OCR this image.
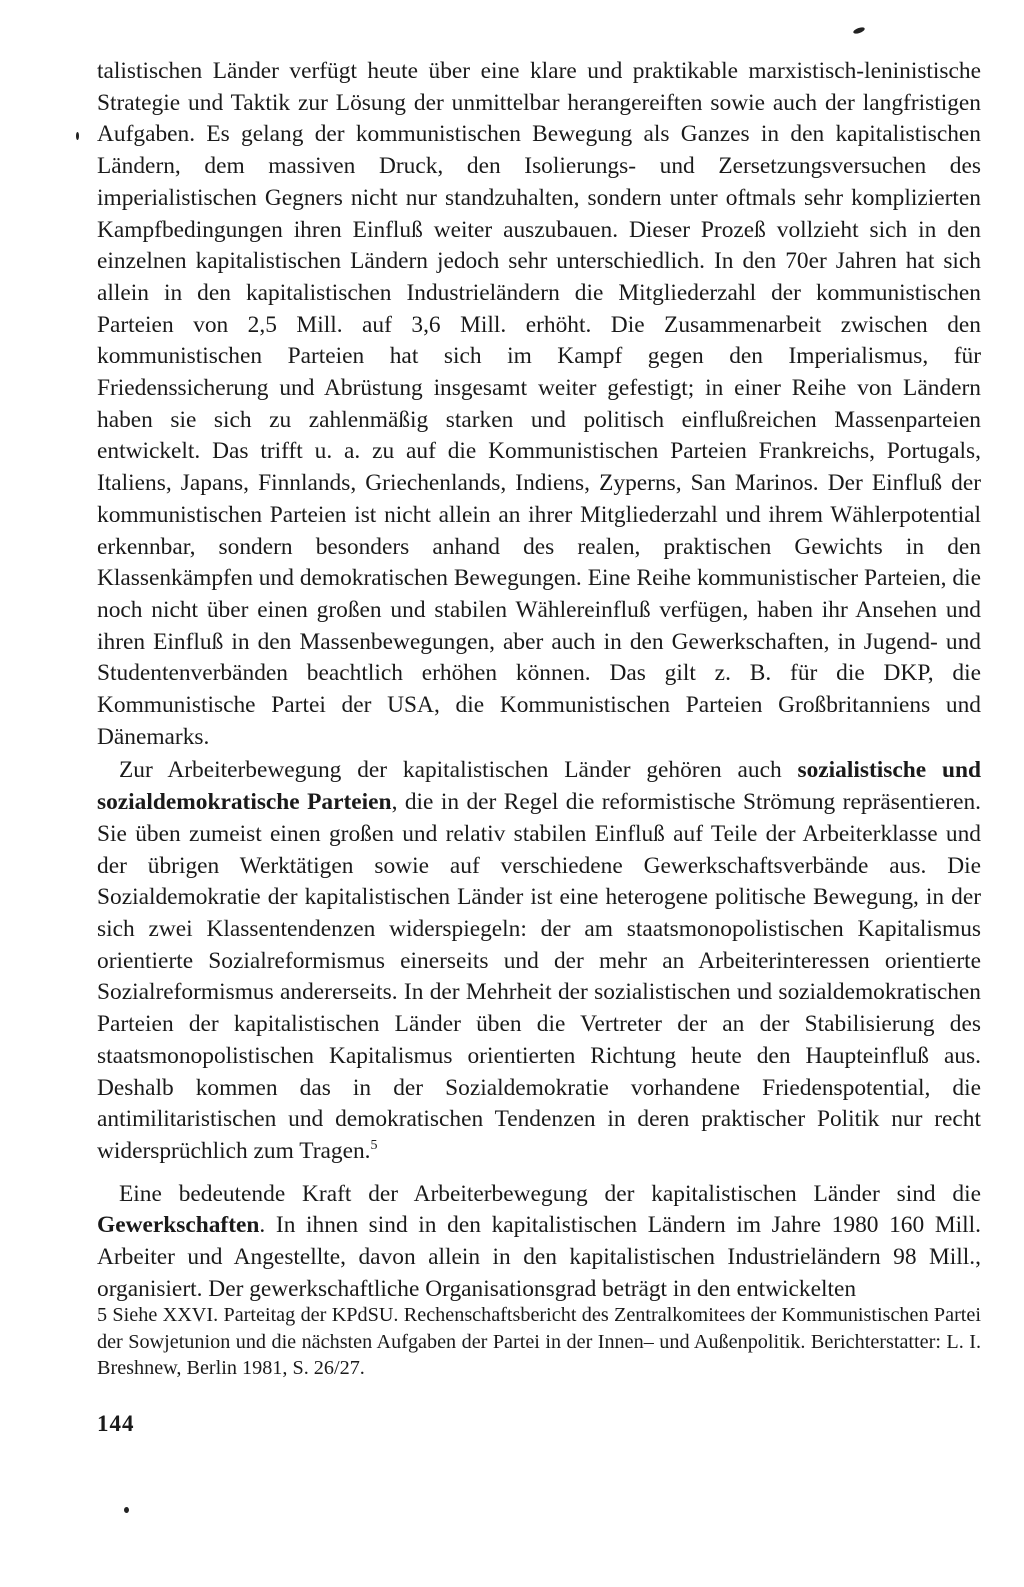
talistischen Länder verfügt heute über eine klare und praktikable marxistisch-leninistische Strategie und Taktik zur Lösung der unmittelbar herangereiften sowie auch der langfristigen Aufgaben. Es gelang der kommunistischen Bewegung als Ganzes in den kapitalistischen Ländern, dem massiven Druck, den Isolierungs- und Zersetzungsversuchen des imperialistischen Gegners nicht nur standzuhalten, sondern unter oftmals sehr komplizierten Kampfbedingungen ihren Einfluß weiter auszubauen. Dieser Prozeß vollzieht sich in den einzelnen kapitalistischen Ländern jedoch sehr unterschiedlich. In den 70er Jahren hat sich allein in den kapitalistischen Industrieländern die Mitgliederzahl der kommunistischen Parteien von 2,5 Mill. auf 3,6 Mill. erhöht. Die Zusammenarbeit zwischen den kommunistischen Parteien hat sich im Kampf gegen den Imperialismus, für Friedenssicherung und Abrüstung insgesamt weiter gefestigt; in einer Reihe von Ländern haben sie sich zu zahlenmäßig starken und politisch einflußreichen Massenparteien entwickelt. Das trifft u. a. zu auf die Kommunistischen Parteien Frankreichs, Portugals, Italiens, Japans, Finnlands, Griechenlands, Indiens, Zyperns, San Marinos. Der Einfluß der kommunistischen Parteien ist nicht allein an ihrer Mitgliederzahl und ihrem Wählerpotential erkennbar, sondern besonders anhand des realen, praktischen Gewichts in den Klassenkämpfen und demokratischen Bewegungen. Eine Reihe kommunistischer Parteien, die noch nicht über einen großen und stabilen Wählereinfluß verfügen, haben ihr Ansehen und ihren Einfluß in den Massenbewegungen, aber auch in den Gewerkschaften, in Jugend- und Studentenverbänden beachtlich erhöhen können. Das gilt z. B. für die DKP, die Kommunistische Partei der USA, die Kommunistischen Parteien Großbritanniens und Dänemarks.

Zur Arbeiterbewegung der kapitalistischen Länder gehören auch sozialistische und sozialdemokratische Parteien, die in der Regel die reformistische Strömung repräsentieren. Sie üben zumeist einen großen und relativ stabilen Einfluß auf Teile der Arbeiterklasse und der übrigen Werktätigen sowie auf verschiedene Gewerkschaftsverbände aus. Die Sozialdemokratie der kapitalistischen Länder ist eine heterogene politische Bewegung, in der sich zwei Klassentendenzen widerspiegeln: der am staatsmonopolistischen Kapitalismus orientierte Sozialreformismus einerseits und der mehr an Arbeiterinteressen orientierte Sozialreformismus andererseits. In der Mehrheit der sozialistischen und sozialdemokratischen Parteien der kapitalistischen Länder üben die Vertreter der an der Stabilisierung des staatsmonopolistischen Kapitalismus orientierten Richtung heute den Haupteinfluß aus. Deshalb kommen das in der Sozialdemokratie vorhandene Friedenspotential, die antimilitaristischen und demokratischen Tendenzen in deren praktischer Politik nur recht widersprüchlich zum Tragen.$^5$

Eine bedeutende Kraft der Arbeiterbewegung der kapitalistischen Länder sind die Gewerkschaften. In ihnen sind in den kapitalistischen Ländern im Jahre 1980 160 Mill. Arbeiter und Angestellte, davon allein in den kapitalistischen Industrieländern 98 Mill., organisiert. Der gewerkschaftliche Organisationsgrad beträgt in den entwickelten

5 Siehe XXVI. Parteitag der KPdSU. Rechenschaftsbericht des Zentralkomitees der Kommunistischen Partei der Sowjetunion und die nächsten Aufgaben der Partei in der Innen– und Außenpolitik. Berichterstatter: L. I. Breshnew, Berlin 1981, S. 26/27.

144
